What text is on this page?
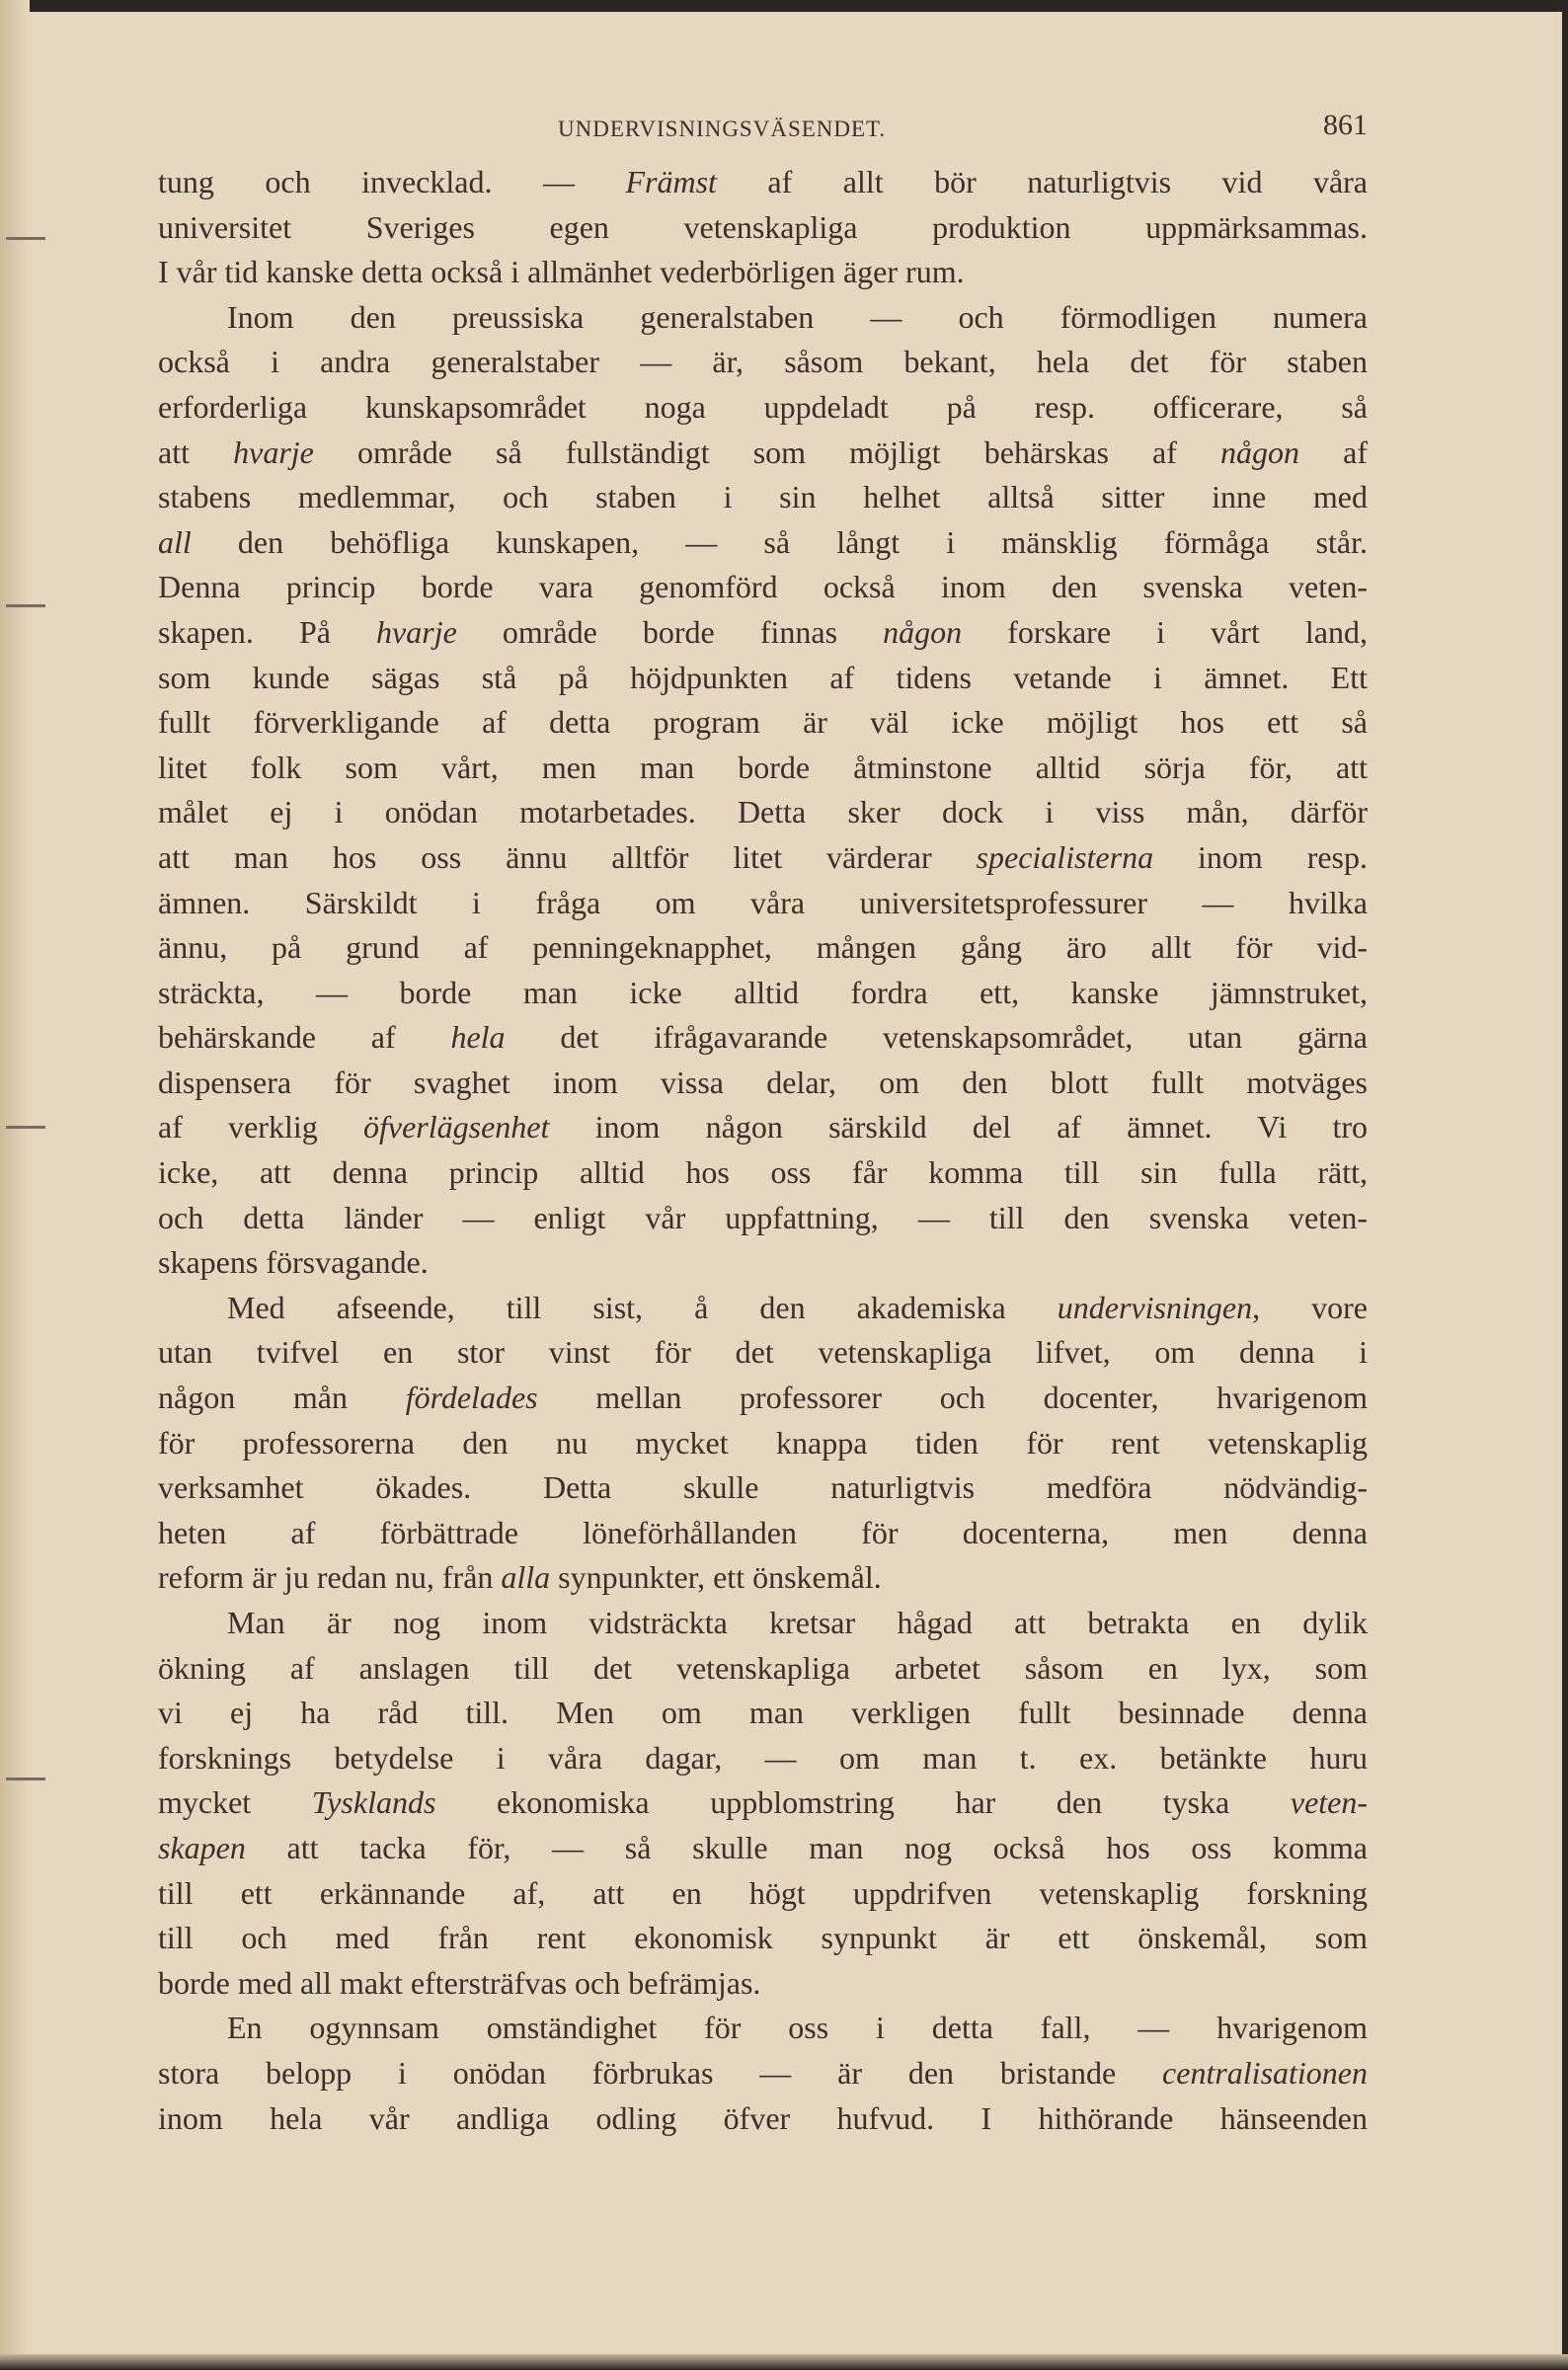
UNDERVISNINGSVÄSENDET.	861
tung och invecklad. — Främst af allt bör naturligtvis vid våra
universitet Sveriges egen vetenskapliga produktion uppmärksammas.
I vår tid kanske detta också i allmänhet vederbörligen äger rum.
Inom den preussiska generalstaben — och förmodligen numera
också i andra generalstaber — är, såsom bekant, hela det för staben
erforderliga kunskapsområdet noga uppdeladt på resp. officerare, så
att hvarje område så fullständigt som möjligt behärskas af någon af
stabens medlemmar, och staben i sin helhet alltså sitter inne med
all den behöfliga kunskapen, — så långt i mänsklig förmåga står.
Denna princip borde vara genomförd också inom den svenska veten-
skapen. På hvarje område borde finnas någon forskare i vårt land,
som kunde sägas stå på höjdpunkten af tidens vetande i ämnet. Ett
fullt förverkligande af detta program är väl icke möjligt hos ett så
litet folk som vårt, men man borde åtminstone alltid sörja för, att
målet ej i onödan motarbetades. Detta sker dock i viss mån, därför
att man hos oss ännu alltför litet värderar specialisterna inom resp.
ämnen. Särskildt i fråga om våra universitetsprofessurer — hvilka
ännu, på grund af penningeknapphet, mången gång äro allt för vid-
sträckta, — borde man icke alltid fordra ett, kanske jämnstruket,
behärskande af hela det ifrågavarande vetenskapsområdet, utan gärna
dispensera för svaghet inom vissa delar, om den blott fullt motväges
af verklig öfverlägsenhet inom någon särskild del af ämnet. Vi tro
icke, att denna princip alltid hos oss får komma till sin fulla rätt,
och detta länder — enligt vår uppfattning, — till den svenska veten-
skapens försvagande.
Med afseende, till sist, å den akademiska undervisningen, vore
utan tvifvel en stor vinst för det vetenskapliga lifvet, om denna i
någon mån fördelades mellan professorer och docenter, hvarigenom
för professorerna den nu mycket knappa tiden för rent vetenskaplig
verksamhet ökades. Detta skulle naturligtvis medföra nödvändig-
heten af förbättrade löneförhållanden för docenterna, men denna
reform är ju redan nu, från alla synpunkter, ett önskemål.
Man är nog inom vidsträckta kretsar hågad att betrakta en dylik
ökning af anslagen till det vetenskapliga arbetet såsom en lyx, som
vi ej ha råd till. Men om man verkligen fullt besinnade denna
forsknings betydelse i våra dagar, — om man t. ex. betänkte huru
mycket Tysklands ekonomiska uppblomstring har den tyska veten-
skapen att tacka för, — så skulle man nog också hos oss komma
till ett erkännande af, att en högt uppdrifven vetenskaplig forskning
till och med från rent ekonomisk synpunkt är ett önskemål, som
borde med all makt eftersträfvas och befrämjas.
En ogynnsam omständighet för oss i detta fall, — hvarigenom
stora belopp i onödan förbrukas — är den bristande centralisationen
inom hela vår andliga odling öfver hufvud. I hithörande hänseenden
